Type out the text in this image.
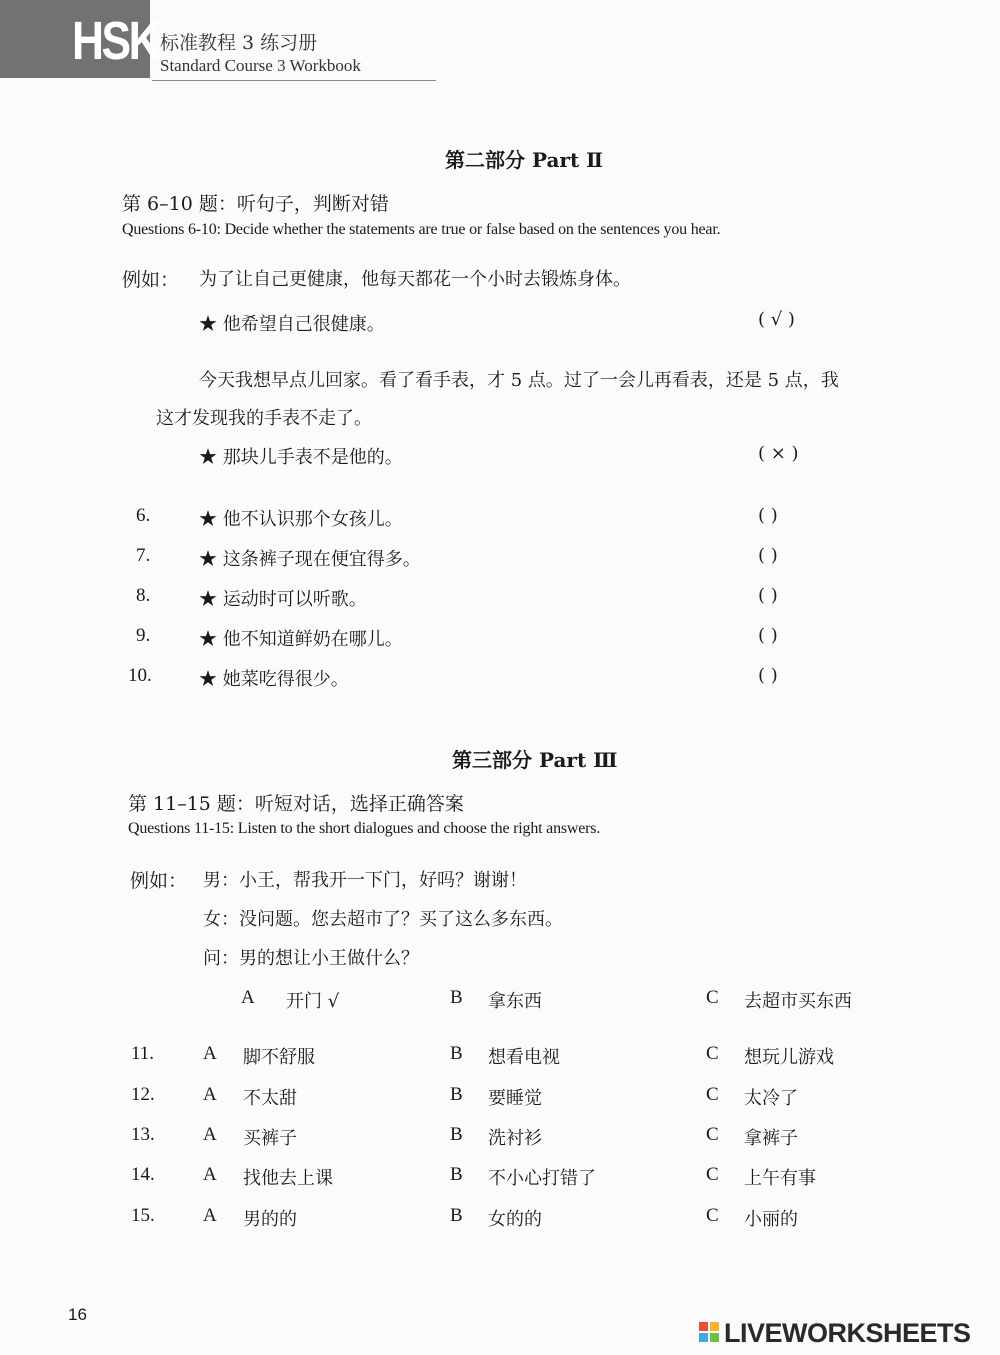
HSK 标准教程 3 练习册
Standard Course 3 Workbook
第二部分 Part Ⅱ
第 6–10 题：听句子，判断对错
Questions 6-10: Decide whether the statements are true or false based on the sentences you hear.
例如： 为了让自己更健康，他每天都花一个小时去锻炼身体。
★ 他希望自己很健康。	( √ )
今天我想早点儿回家。看了看手表，才 5 点。过了一会儿再看表，还是 5 点，我
这才发现我的手表不走了。
★ 那块儿手表不是他的。	( × )
6.	★ 他不认识那个女孩儿。	( )
7.	★ 这条裤子现在便宜得多。	( )
8.	★ 运动时可以听歌。	( )
9.	★ 他不知道鲜奶在哪儿。	( )
10.	★ 她菜吃得很少。	( )
第三部分 Part Ⅲ
第 11–15 题：听短对话，选择正确答案
Questions 11-15: Listen to the short dialogues and choose the right answers.
例如： 男：小王，帮我开一下门，好吗？谢谢！
女：没问题。您去超市了？买了这么多东西。
问：男的想让小王做什么？
A 开门 √	B 拿东西	C 去超市买东西
11.	A 脚不舒服	B 想看电视	C 想玩儿游戏
12.	A 不太甜	B 要睡觉	C 太冷了
13.	A 买裤子	B 洗衬衫	C 拿裤子
14.	A 找他去上课	B 不小心打错了	C 上午有事
15.	A 男的的	B 女的的	C 小丽的
16
LIVEWORKSHEETS
